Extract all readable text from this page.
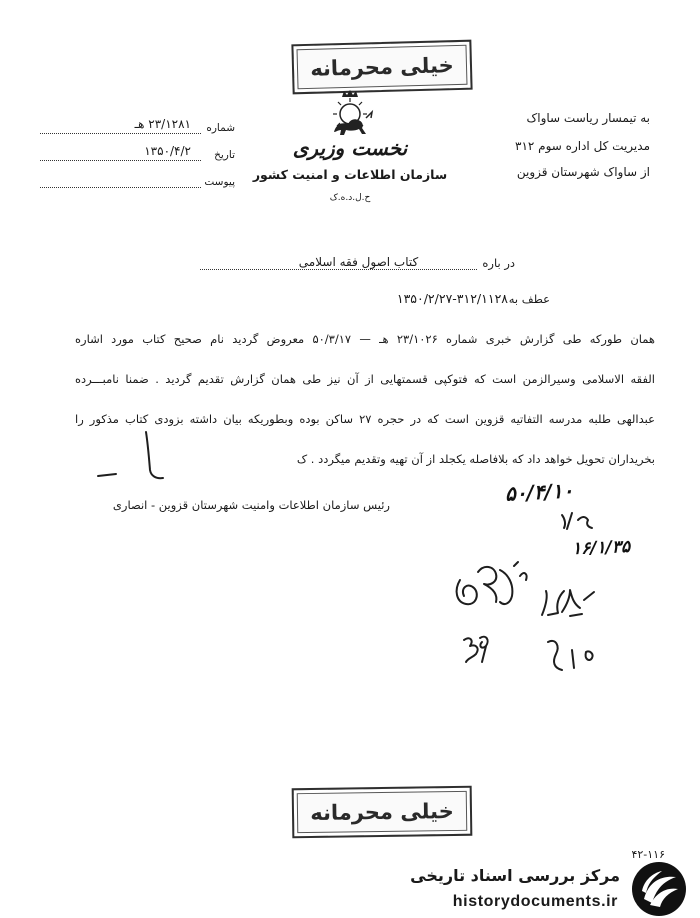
خیلی محرمانه
شماره
۲۳/۱۲۸۱ هـ
تاریخ
۱۳۵۰/۴/۲
پیوست
نخست وزیری
سازمان اطلاعات و امنیت کشور
ح.ل.د.ه.ک
به تیمسار ریاست ساواک
مدیریت کل اداره سوم ۳۱۲
از ساواک شهرستان قزوین
در باره
کتاب اصول فقه اسلامی
عطف به
۱۳۵۰/۲/۲۷-۳۱۲/۱۱۲۸
همان طورکه طی گزارش خبری شماره ۲۳/۱۰۲۶ هـ — ۵۰/۳/۱۷ معروض گردید نام صحیح کتاب مورد اشاره
الفقه الاسلامی وسیرالزمن است که فتوکپی قسمتهایی از آن نیز طی همان گزارش تقدیم گردید . ضمنا نامبـــرده
عبدالهی طلبه مدرسه التفاتیه قزوین است که در حجره ۲۷ ساکن بوده وبطوریکه بیان داشته بزودی کتاب مذکور را
بخریداران تحویل خواهد داد که بلافاصله یکجلد از آن تهیه وتقدیم میگردد . ک
رئیس سازمان اطلاعات وامنیت شهرستان قزوین - انصاری	۵۰/۴/۱۰
۱۶/۱/۳۵
خیلی محرمانه
۴۲-۱۱۶
مرکز بررسی اسناد تاریخی
historydocuments.ir
